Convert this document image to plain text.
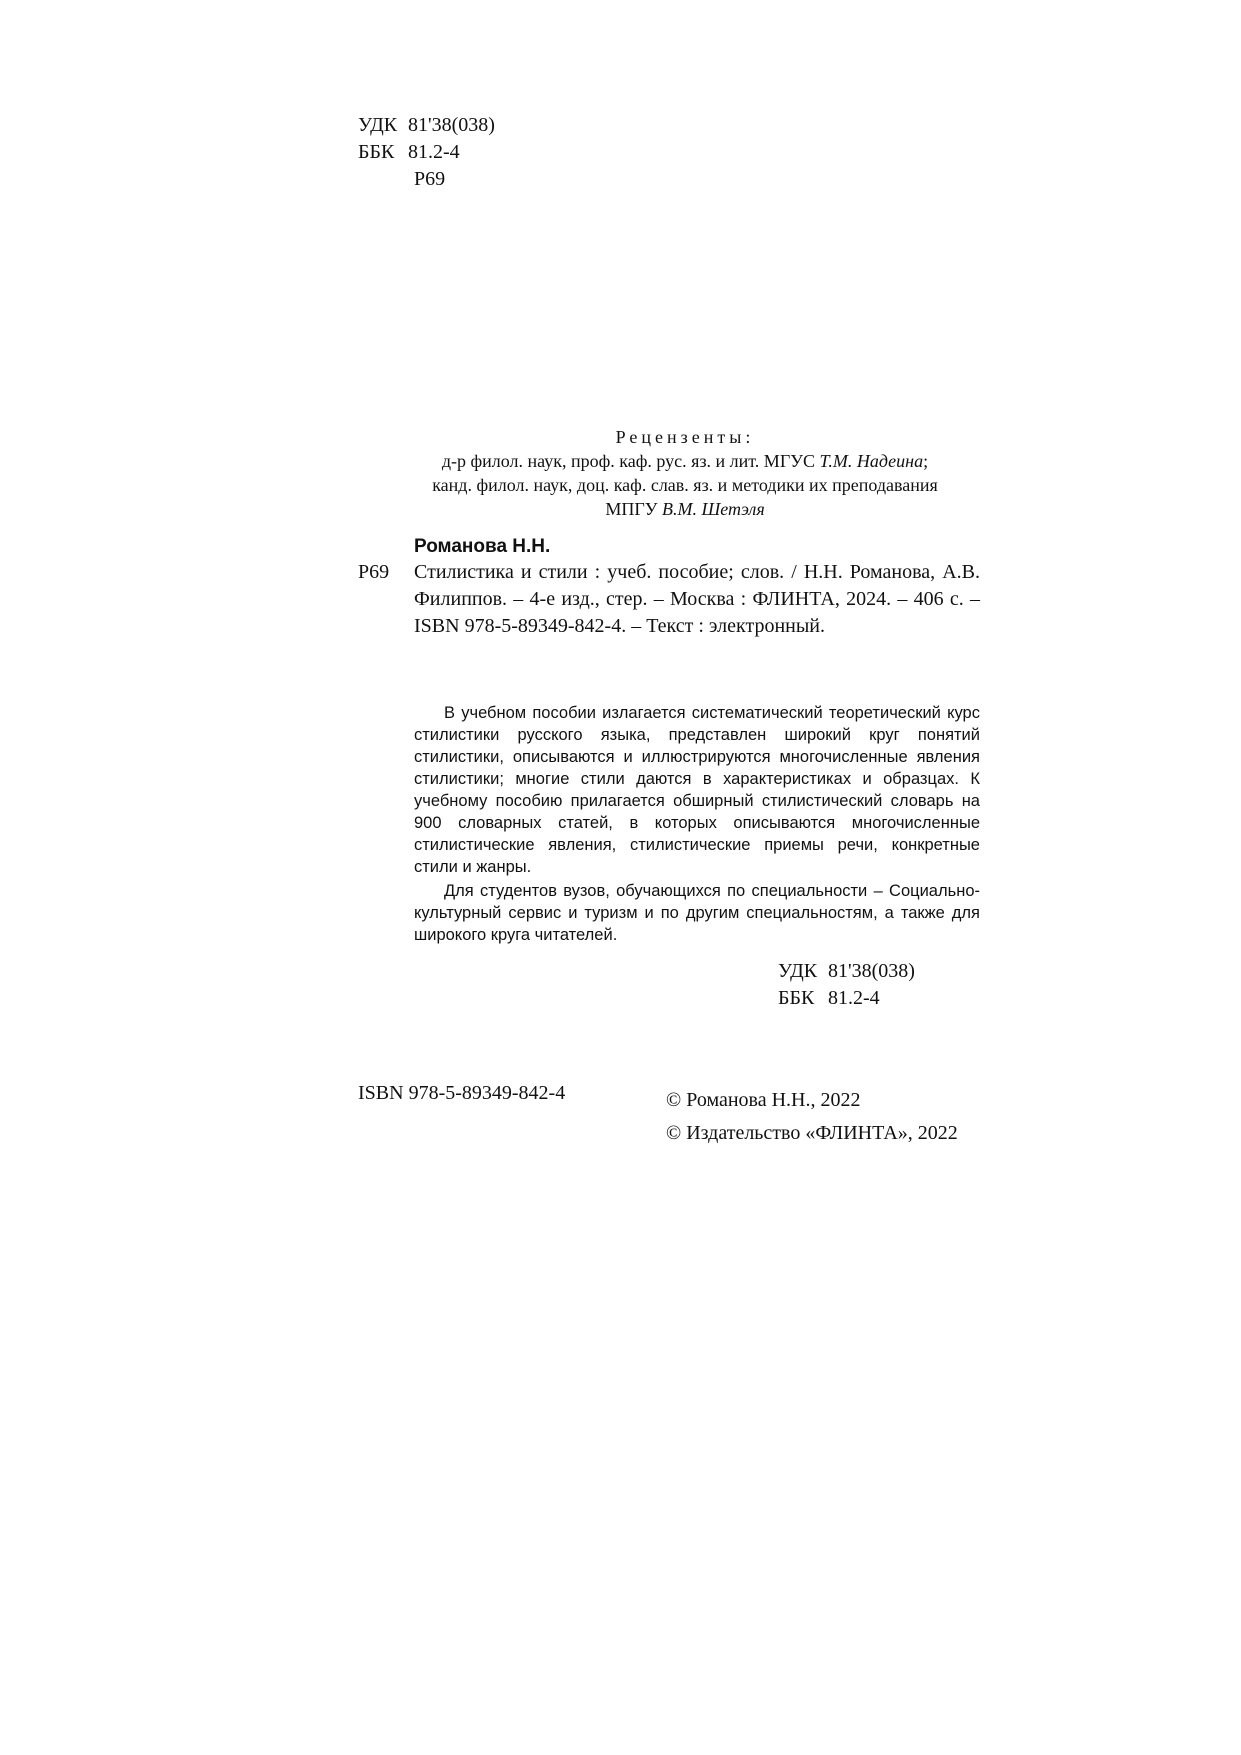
УДК 81'38(038)
ББК 81.2-4
Р69
Рецензенты:
д-р филол. наук, проф. каф. рус. яз. и лит. МГУС Т.М. Надеина;
канд. филол. наук, доц. каф. слав. яз. и методики их преподавания
МПГУ В.М. Шетэля
Романова Н.Н.
Р69 Стилистика и стили : учеб. пособие; слов. / Н.Н. Романова, А.В. Филиппов. – 4-е изд., стер. – Москва : ФЛИНТА, 2024. – 406 с. – ISBN 978-5-89349-842-4. – Текст : электронный.

В учебном пособии излагается систематический теоретический курс стилистики русского языка, представлен широкий круг понятий стилистики, описываются и иллюстрируются многочисленные явления стилистики; многие стили даются в характеристиках и образцах. К учебному пособию прилагается обширный стилистический словарь на 900 словарных статей, в которых описываются многочисленные стилистические явления, стилистические приемы речи, конкретные стили и жанры.

Для студентов вузов, обучающихся по специальности – Социально-культурный сервис и туризм и по другим специальностям, а также для широкого круга читателей.

УДК 81'38(038)
ББК 81.2-4
ISBN 978-5-89349-842-4	© Романова Н.Н., 2022
© Издательство «ФЛИНТА», 2022
